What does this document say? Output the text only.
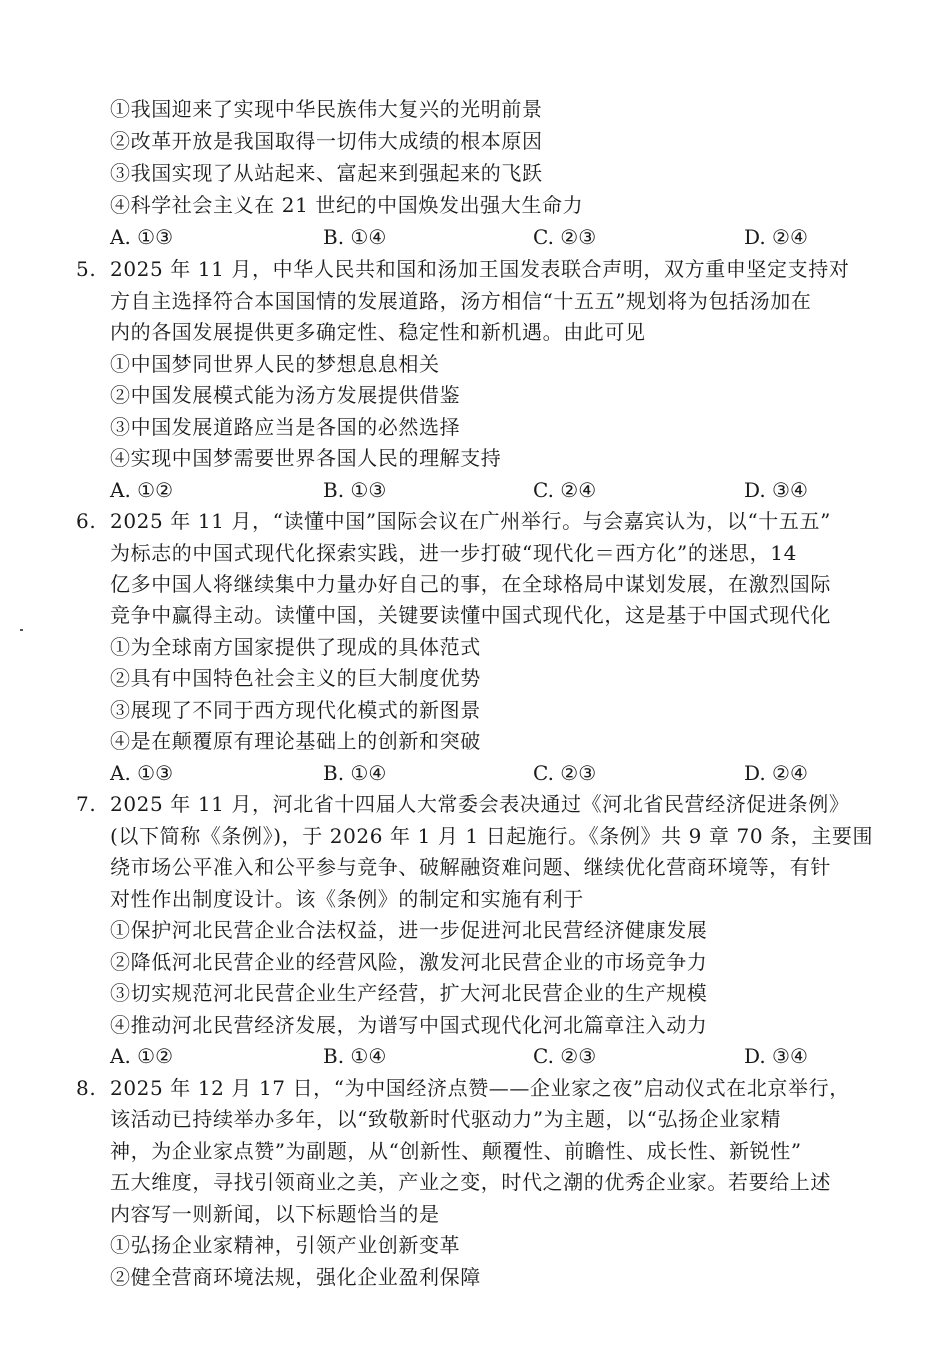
①我国迎来了实现中华民族伟大复兴的光明前景
②改革开放是我国取得一切伟大成绩的根本原因
③我国实现了从站起来、富起来到强起来的飞跃
④科学社会主义在 21 世纪的中国焕发出强大生命力
A. ①③	B. ①④	C. ②③	D. ②④
5. 2025 年 11 月，中华人民共和国和汤加王国发表联合声明，双方重申坚定支持对
方自主选择符合本国国情的发展道路，汤方相信“十五五”规划将为包括汤加在
内的各国发展提供更多确定性、稳定性和新机遇。由此可见
①中国梦同世界人民的梦想息息相关
②中国发展模式能为汤方发展提供借鉴
③中国发展道路应当是各国的必然选择
④实现中国梦需要世界各国人民的理解支持
A. ①②	B. ①③	C. ②④	D. ③④
6. 2025 年 11 月，“读懂中国”国际会议在广州举行。与会嘉宾认为，以“十五五”
为标志的中国式现代化探索实践，进一步打破“现代化＝西方化”的迷思，14
亿多中国人将继续集中力量办好自己的事，在全球格局中谋划发展，在激烈国际
竞争中赢得主动。读懂中国，关键要读懂中国式现代化，这是基于中国式现代化
①为全球南方国家提供了现成的具体范式
②具有中国特色社会主义的巨大制度优势
③展现了不同于西方现代化模式的新图景
④是在颠覆原有理论基础上的创新和突破
A. ①③	B. ①④	C. ②③	D. ②④
7. 2025 年 11 月，河北省十四届人大常委会表决通过《河北省民营经济促进条例》
(以下简称《条例》)，于 2026 年 1 月 1 日起施行。《条例》共 9 章 70 条，主要围
绕市场公平准入和公平参与竞争、破解融资难问题、继续优化营商环境等，有针
对性作出制度设计。该《条例》的制定和实施有利于
①保护河北民营企业合法权益，进一步促进河北民营经济健康发展
②降低河北民营企业的经营风险，激发河北民营企业的市场竞争力
③切实规范河北民营企业生产经营，扩大河北民营企业的生产规模
④推动河北民营经济发展，为谱写中国式现代化河北篇章注入动力
A. ①②	B. ①④	C. ②③	D. ③④
8. 2025 年 12 月 17 日，“为中国经济点赞——企业家之夜”启动仪式在北京举行，
该活动已持续举办多年，以“致敬新时代驱动力”为主题，以“弘扬企业家精
神，为企业家点赞”为副题，从“创新性、颠覆性、前瞻性、成长性、新锐性”
五大维度，寻找引领商业之美，产业之变，时代之潮的优秀企业家。若要给上述
内容写一则新闻，以下标题恰当的是
①弘扬企业家精神，引领产业创新变革
②健全营商环境法规，强化企业盈利保障
